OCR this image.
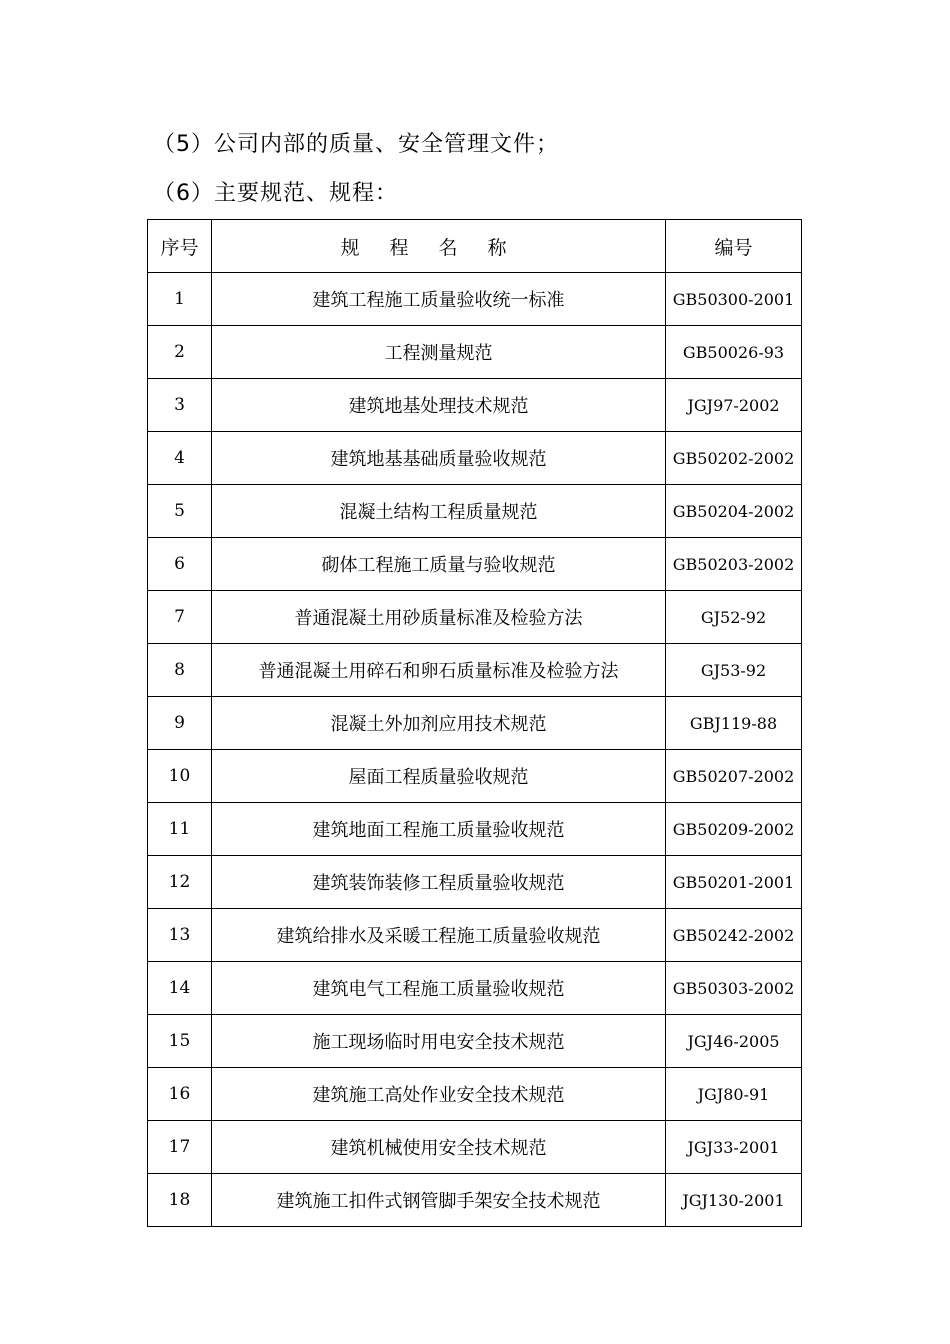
（5）公司内部的质量、安全管理文件；
（6）主要规范、规程：
序号	规程名称	编号
1	建筑工程施工质量验收统一标准	GB50300-2001
2	工程测量规范	GB50026-93
3	建筑地基处理技术规范	JGJ97-2002
4	建筑地基基础质量验收规范	GB50202-2002
5	混凝土结构工程质量规范	GB50204-2002
6	砌体工程施工质量与验收规范	GB50203-2002
7	普通混凝土用砂质量标准及检验方法	GJ52-92
8	普通混凝土用碎石和卵石质量标准及检验方法	GJ53-92
9	混凝土外加剂应用技术规范	GBJ119-88
10	屋面工程质量验收规范	GB50207-2002
11	建筑地面工程施工质量验收规范	GB50209-2002
12	建筑装饰装修工程质量验收规范	GB50201-2001
13	建筑给排水及采暖工程施工质量验收规范	GB50242-2002
14	建筑电气工程施工质量验收规范	GB50303-2002
15	施工现场临时用电安全技术规范	JGJ46-2005
16	建筑施工高处作业安全技术规范	JGJ80-91
17	建筑机械使用安全技术规范	JGJ33-2001
18	建筑施工扣件式钢管脚手架安全技术规范	JGJ130-2001
